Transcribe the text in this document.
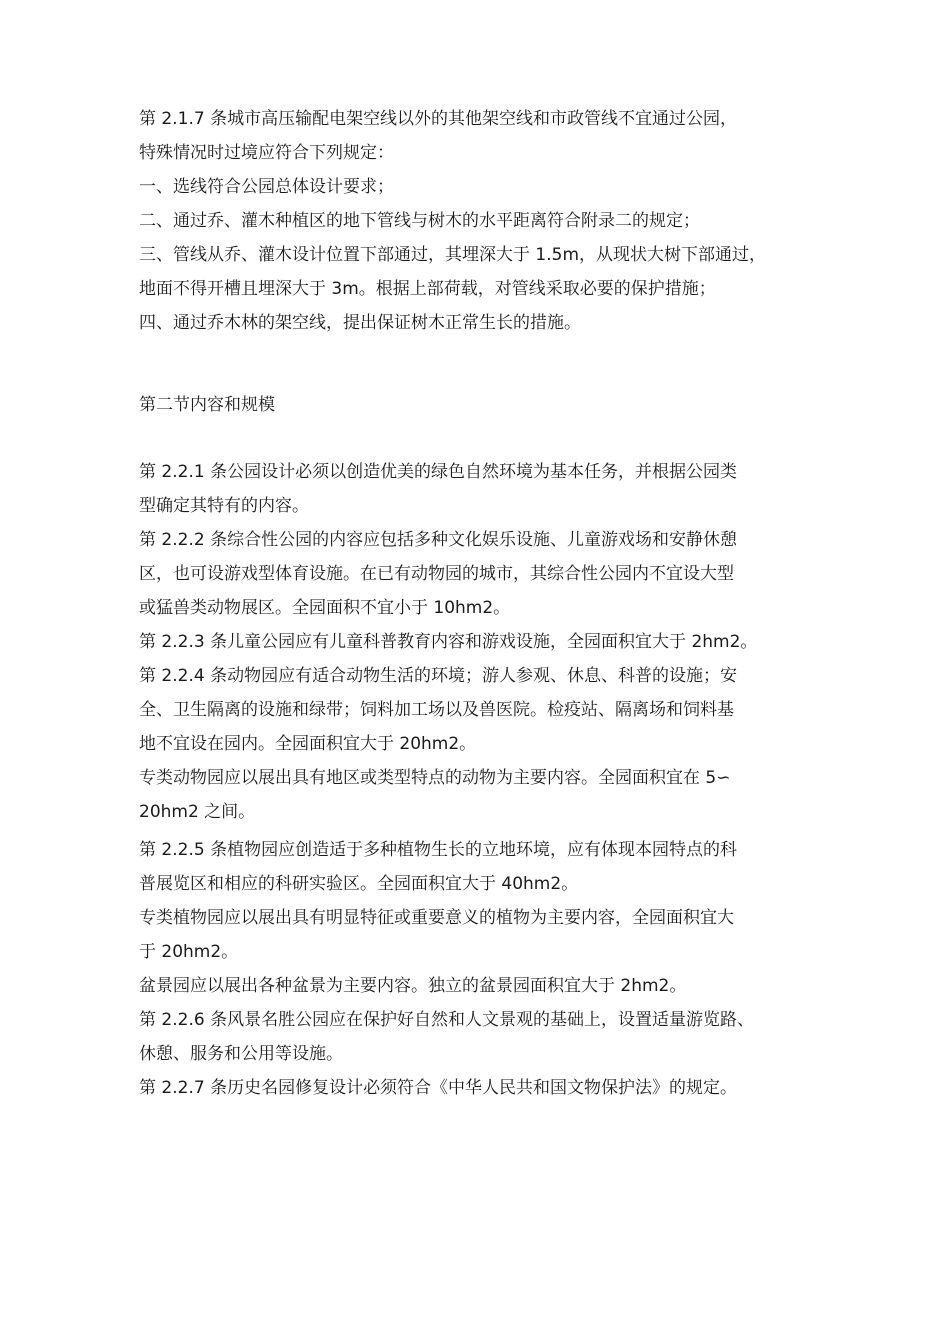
第 2.1.7 条城市高压输配电架空线以外的其他架空线和市政管线不宜通过公园，
特殊情况时过境应符合下列规定：
一、选线符合公园总体设计要求；
二、通过乔、灌木种植区的地下管线与树木的水平距离符合附录二的规定；
三、管线从乔、灌木设计位置下部通过，其埋深大于 1.5m，从现状大树下部通过，
地面不得开槽且埋深大于 3m。根据上部荷载，对管线采取必要的保护措施；
四、通过乔木林的架空线，提出保证树木正常生长的措施。
第二节内容和规模
第 2.2.1 条公园设计必须以创造优美的绿色自然环境为基本任务，并根据公园类
型确定其特有的内容。
第 2.2.2 条综合性公园的内容应包括多种文化娱乐设施、儿童游戏场和安静休憩
区，也可设游戏型体育设施。在已有动物园的城市，其综合性公园内不宜设大型
或猛兽类动物展区。全园面积不宜小于 10hm2。
第 2.2.3 条儿童公园应有儿童科普教育内容和游戏设施，全园面积宜大于 2hm2。
第 2.2.4 条动物园应有适合动物生活的环境；游人参观、休息、科普的设施；安
全、卫生隔离的设施和绿带；饲料加工场以及兽医院。检疫站、隔离场和饲料基
地不宜设在园内。全园面积宜大于 20hm2。
专类动物园应以展出具有地区或类型特点的动物为主要内容。全园面积宜在 5∽
20hm2 之间。
第 2.2.5 条植物园应创造适于多种植物生长的立地环境，应有体现本园特点的科
普展览区和相应的科研实验区。全园面积宜大于 40hm2。
专类植物园应以展出具有明显特征或重要意义的植物为主要内容，全园面积宜大
于 20hm2。
盆景园应以展出各种盆景为主要内容。独立的盆景园面积宜大于 2hm2。
第 2.2.6 条风景名胜公园应在保护好自然和人文景观的基础上，设置适量游览路、
休憩、服务和公用等设施。
第 2.2.7 条历史名园修复设计必须符合《中华人民共和国文物保护法》的规定。
